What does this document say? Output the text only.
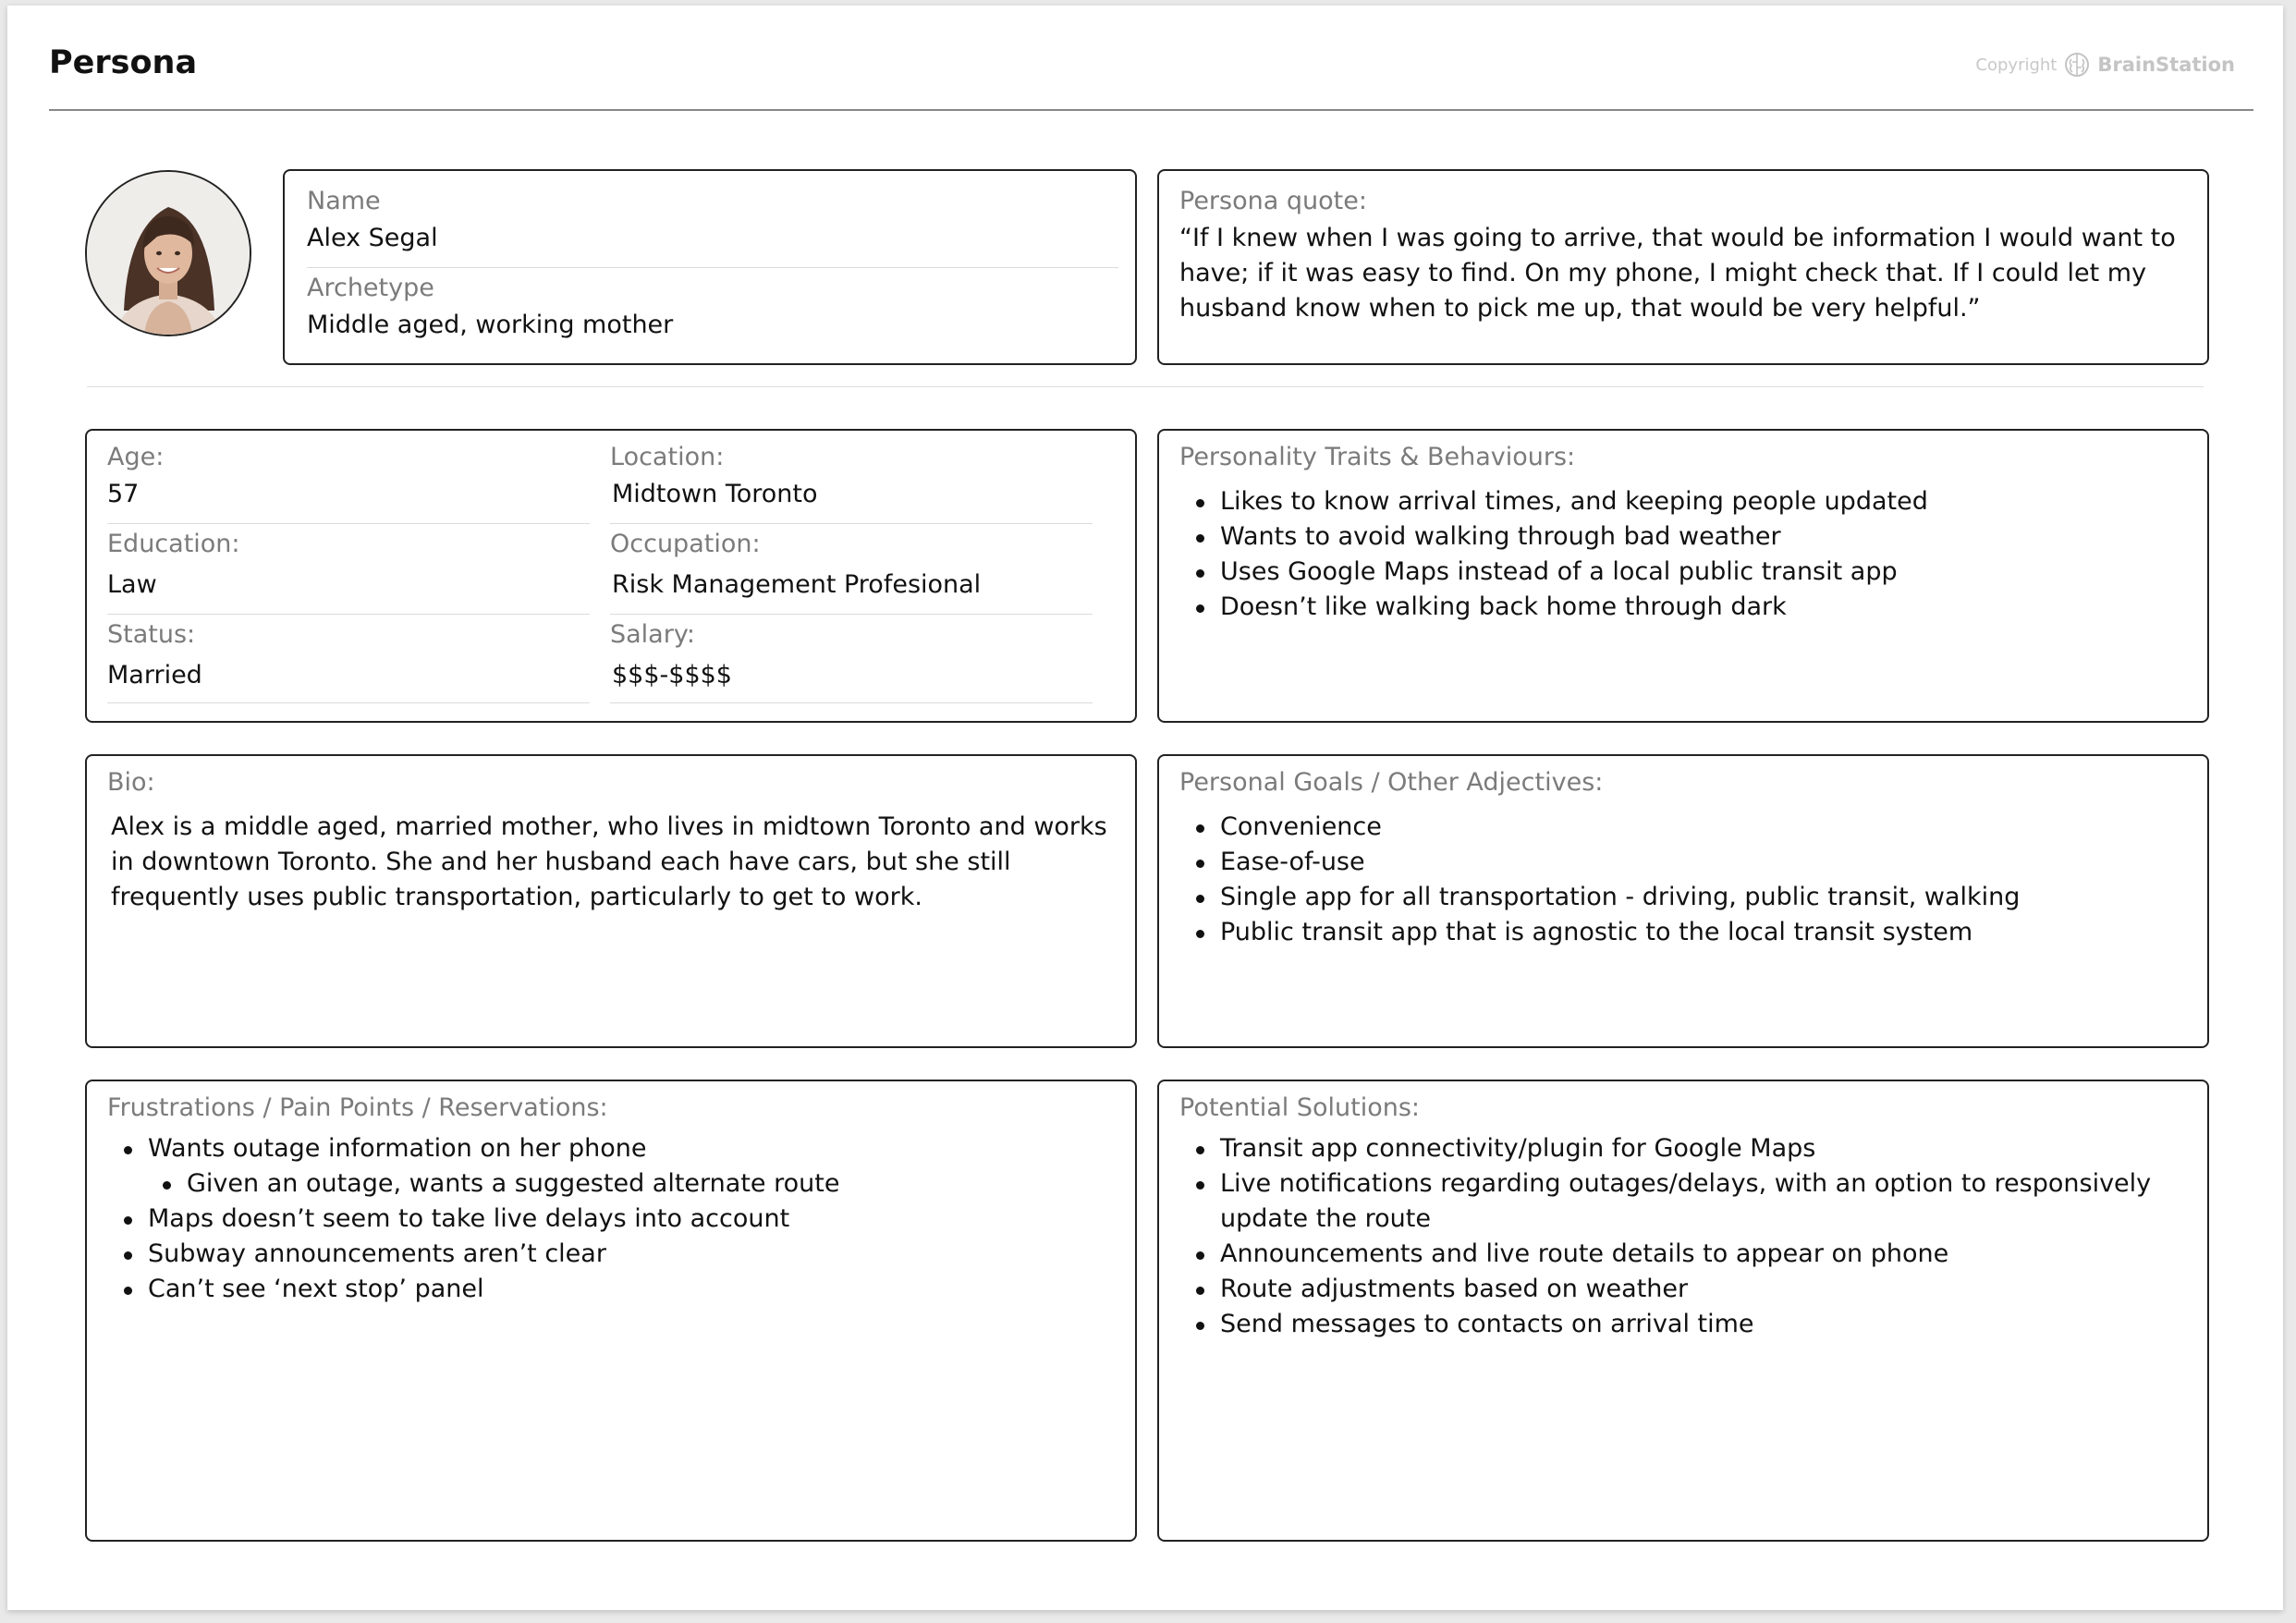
Persona	Copyright BrainStation
Name
Alex Segal
Archetype
Middle aged, working mother
Persona quote:
“If I knew when I was going to arrive, that would be information I would want to have; if it was easy to find. On my phone, I might check that. If I could let my husband know when to pick me up, that would be very helpful.”
Age:
57
Location:
Midtown Toronto
Education:
Law
Occupation:
Risk Management Profesional
Status:
Married
Salary:
$$$-$$$$
Personality Traits & Behaviours:
Likes to know arrival times, and keeping people updated
Wants to avoid walking through bad weather
Uses Google Maps instead of a local public transit app
Doesn’t like walking back home through dark
Bio:
Alex is a middle aged, married mother, who lives in midtown Toronto and works in downtown Toronto. She and her husband each have cars, but she still frequently uses public transportation, particularly to get to work.
Personal Goals / Other Adjectives:
Convenience
Ease-of-use
Single app for all transportation - driving, public transit, walking
Public transit app that is agnostic to the local transit system
Frustrations / Pain Points / Reservations:
Wants outage information on her phone
Given an outage, wants a suggested alternate route
Maps doesn’t seem to take live delays into account
Subway announcements aren’t clear
Can’t see ‘next stop’ panel
Potential Solutions:
Transit app connectivity/plugin for Google Maps
Live notifications regarding outages/delays, with an option to responsively update the route
Announcements and live route details to appear on phone
Route adjustments based on weather
Send messages to contacts on arrival time
